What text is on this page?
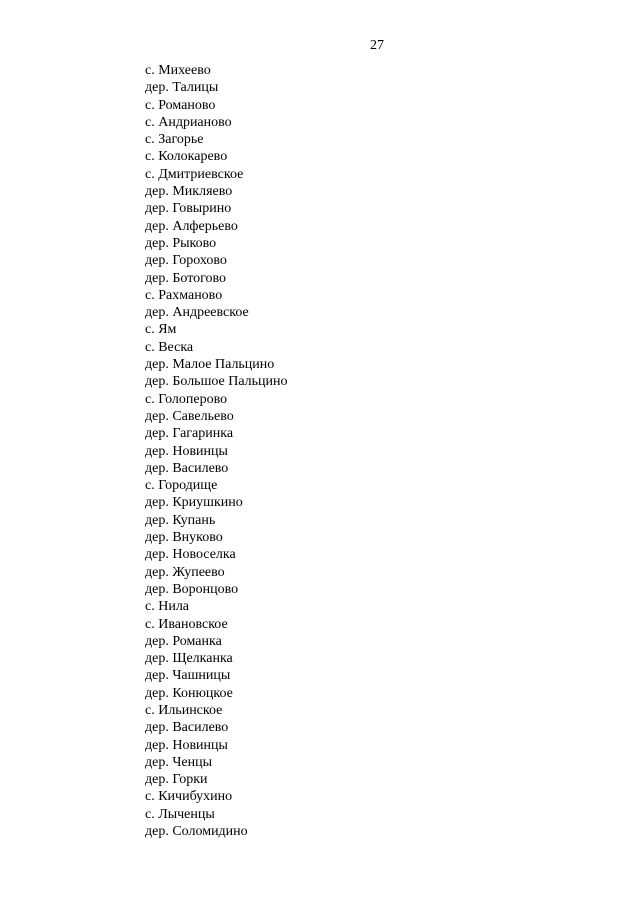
27
с. Михеево
дер. Талицы
с. Романово
с. Андрианово
с. Загорье
с. Колокарево
с. Дмитриевское
дер. Микляево
дер. Говырино
дер. Алферьево
дер. Рыково
дер. Горохово
дер. Ботогово
с. Рахманово
дер. Андреевское
с. Ям
с. Веска
дер. Малое Пальцино
дер. Большое Пальцино
с. Голоперово
дер. Савельево
дер. Гагаринка
дер. Новинцы
дер. Василево
с. Городище
дер. Криушкино
дер. Купань
дер. Внуково
дер. Новоселка
дер. Жупеево
дер. Воронцово
с. Нила
с. Ивановское
дер. Романка
дер. Щелканка
дер. Чашницы
дер. Конюцкое
с. Ильинское
дер. Василево
дер. Новинцы
дер. Ченцы
дер. Горки
с. Кичибухино
с. Лыченцы
дер. Соломидино
